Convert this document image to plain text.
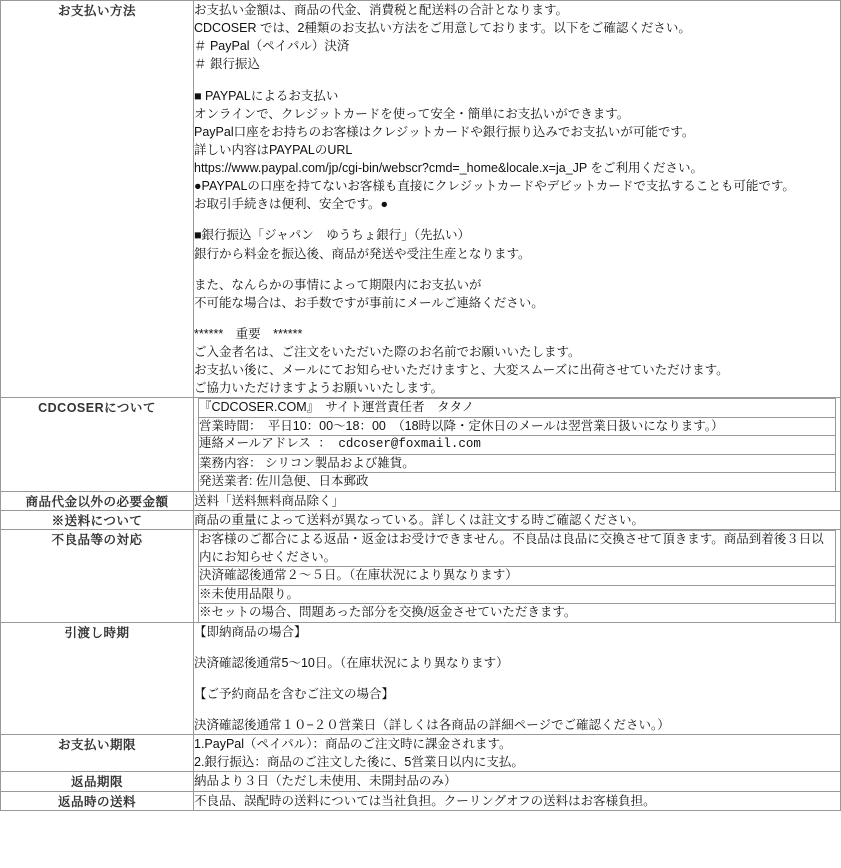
お支払い方法	お支払い金額は、商品の代金、消費税と配送料の合計となります。
CDCOSER では、2種類のお支払い方法をご用意しております。以下をご確認ください。
＃ PayPal（ペイパル）決済
＃ 銀行振込

■ PAYPALによるお支払い
オンラインで、クレジットカードを使って安全・簡単にお支払いができます。
PayPal口座をお持ちのお客様はクレジットカードや銀行振り込みでお支払いが可能です。
詳しい内容はPAYPALのURL
https://www.paypal.com/jp/cgi-bin/webscr?cmd=_home&locale.x=ja_JP をご利用ください。
●PAYPALの口座を持てないお客様も直接にクレジットカードやデビットカードで支払することも可能です。
お取引手続きは便利、安全です。●

■銀行振込「ジャパン　ゆうちょ銀行」（先払い）
銀行から料金を振込後、商品が発送や受注生産となります。

また、なんらかの事情によって期限内にお支払いが
不可能な場合は、お手数ですが事前にメールご連絡ください。

******　重要　******
ご入金者名は、ご注文をいただいた際のお名前でお願いいたします。
お支払い後に、メールにてお知らせいただけますと、大変スムーズに出荷させていただけます。
ご協力いただけますようお願いいたします。

CDCOSERについて		『CDCOSER.COM』　サイト運営責任者　タタノ
営業時間：　平日10：00〜18：00　（18時以降・定休日のメールは翌営業日扱いになります。）
連絡メールアドレス ： cdcoser@foxmail.com
業務内容： シリコン製品および雑貨。
発送業者: 佐川急便、日本郵政

商品代金以外の必要金額	送料「送料無料商品除く」

※送料について	商品の重量によって送料が異なっている。詳しくは註文する時ご確認ください。

不良品等の対応		お客様のご都合による返品・返金はお受けできません。不良品は良品に交換させて頂きます。商品到着後３日以内にお知らせください。
決済確認後通常２〜５日。（在庫状況により異なります）
※未使用品限り。
※セットの場合、問題あった部分を交換/返金させていただきます。

引渡し時期	【即納商品の場合】

決済確認後通常5〜10日。（在庫状況により異なります）

【ご予約商品を含むご注文の場合】

決済確認後通常１０−２０営業日（詳しくは各商品の詳細ページでご確認ください。）

お支払い期限	1.PayPal（ペイパル）：商品のご注文時に課金されます。
2.銀行振込：商品のご注文した後に、5営業日以内に支払。

返品期限	納品より３日（ただし未使用、未開封品のみ）

返品時の送料	不良品、誤配時の送料については当社負担。クーリングオフの送料はお客様負担。
